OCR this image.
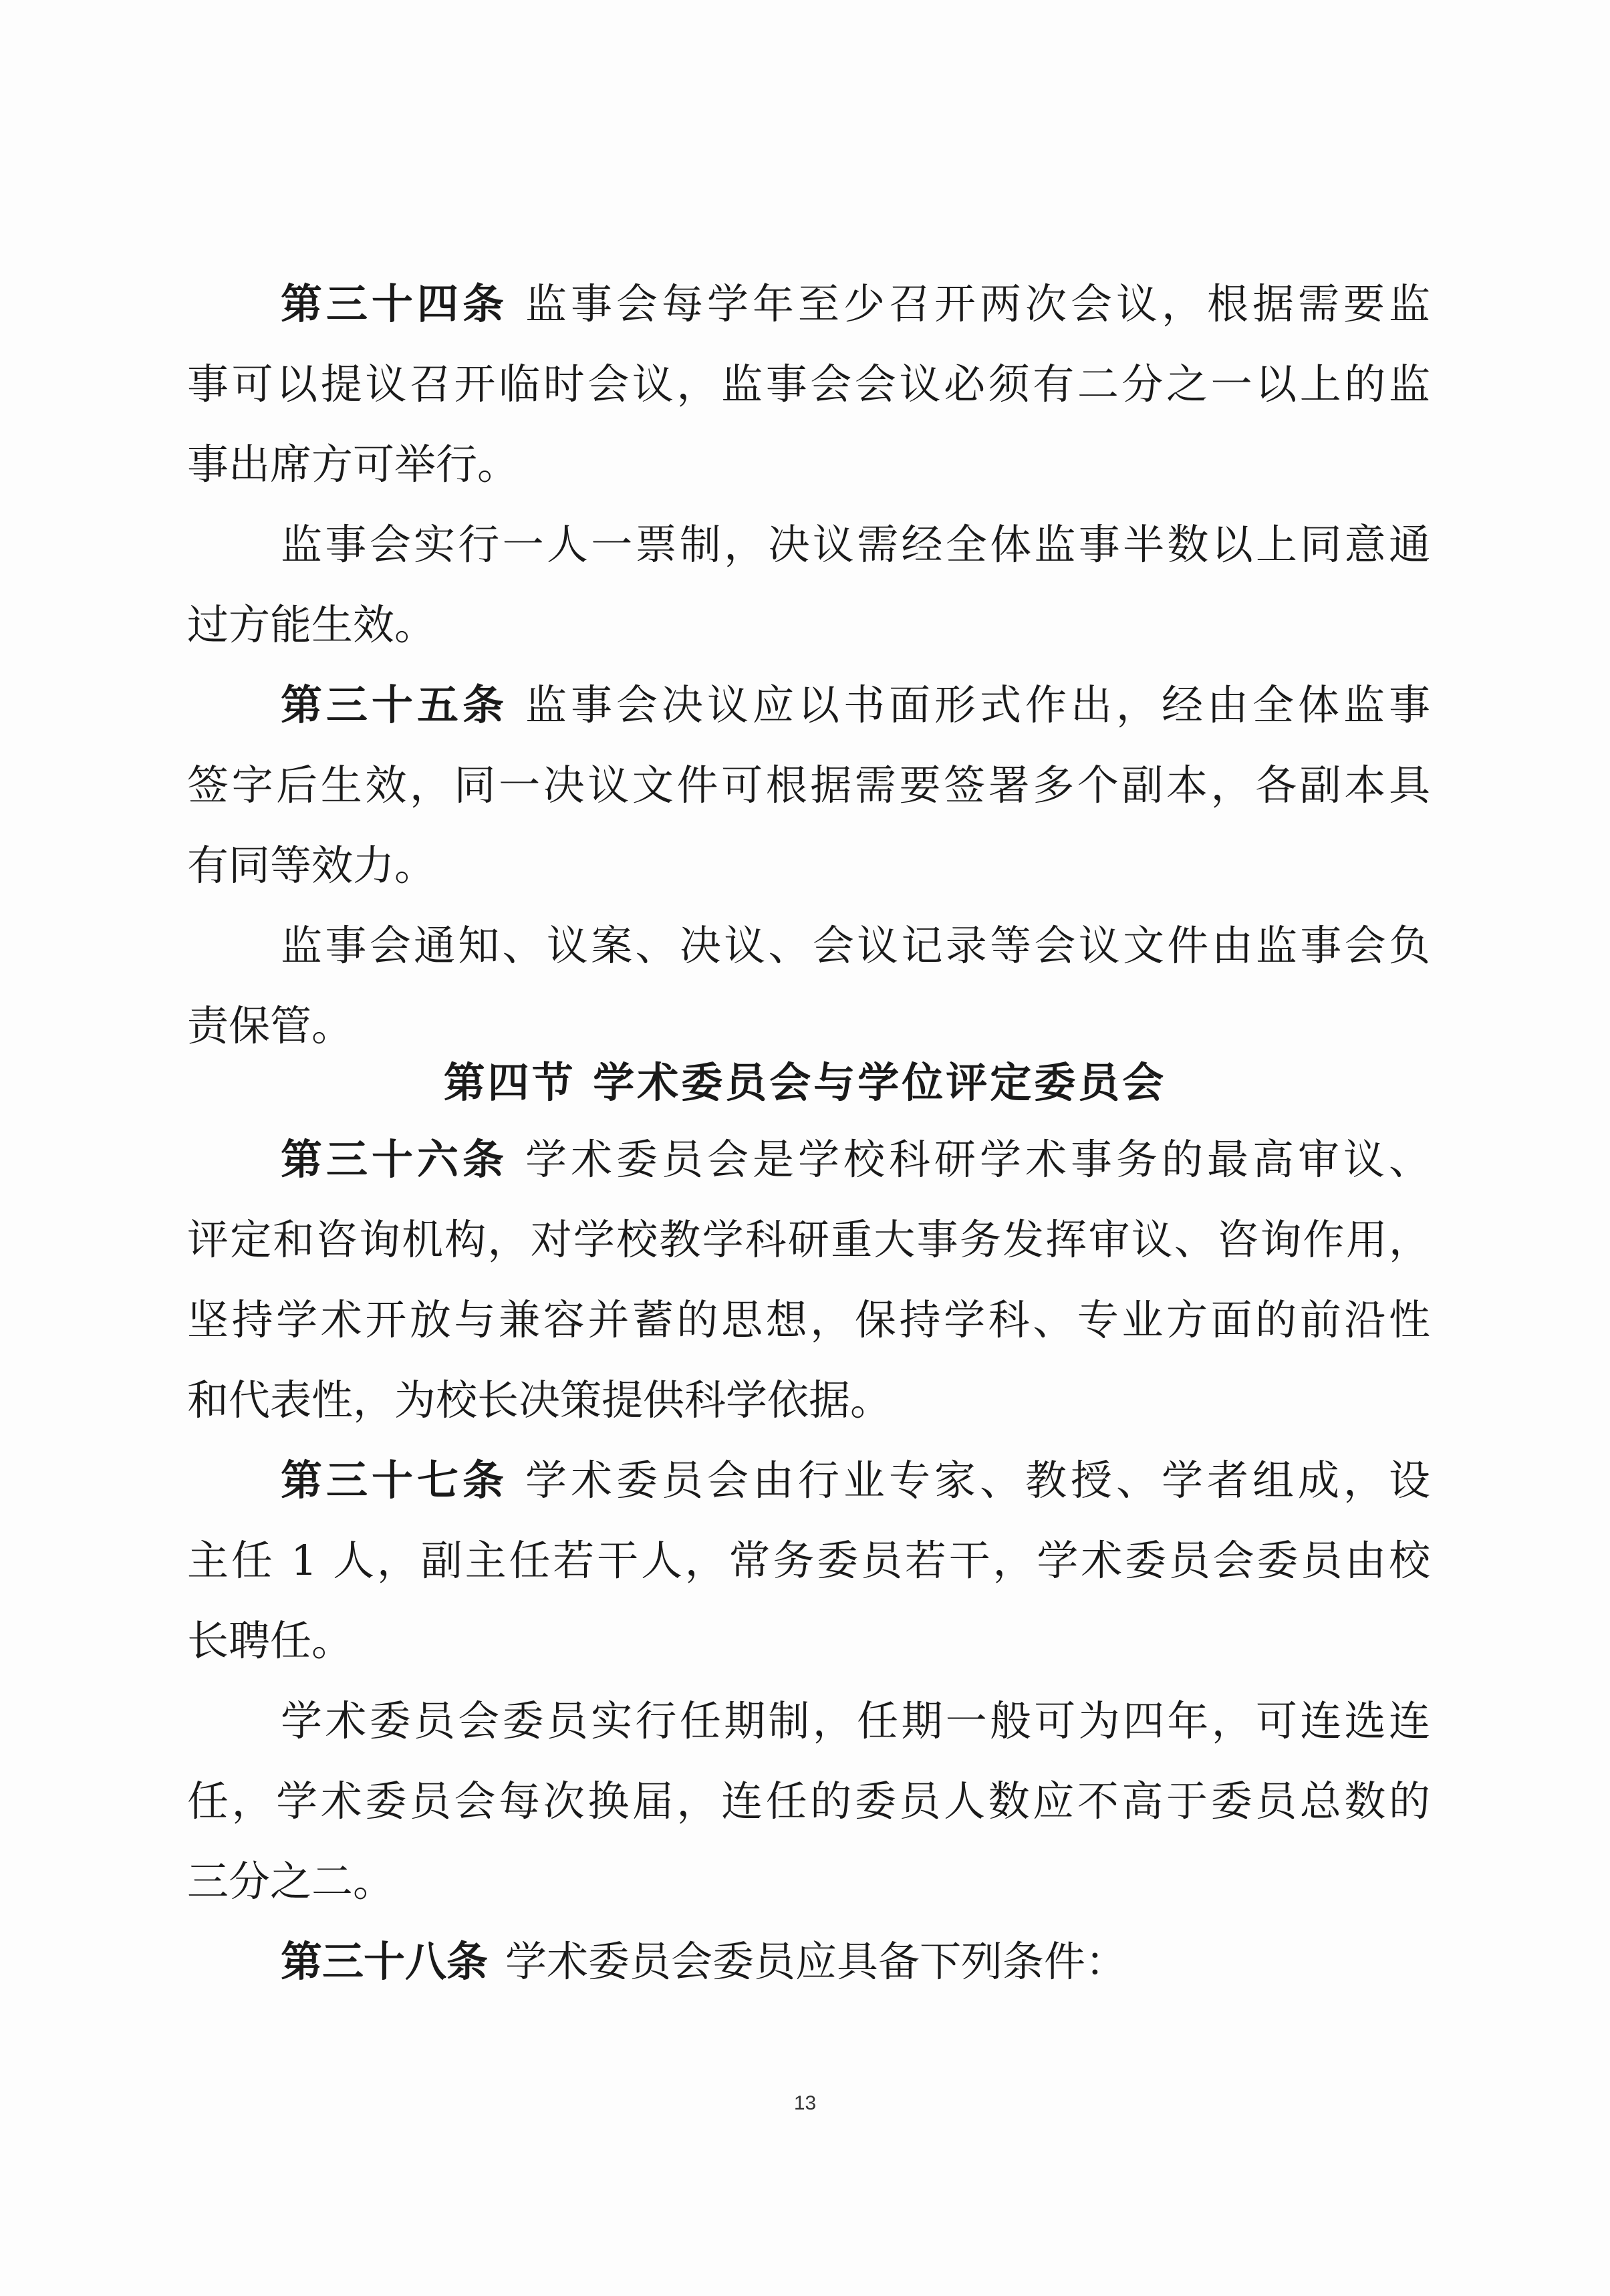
第三十四条 监事会每学年至少召开两次会议，根据需要监
事可以提议召开临时会议，监事会会议必须有二分之一以上的监
事出席方可举行。
监事会实行一人一票制，决议需经全体监事半数以上同意通
过方能生效。
第三十五条 监事会决议应以书面形式作出，经由全体监事
签字后生效，同一决议文件可根据需要签署多个副本，各副本具
有同等效力。
监事会通知、议案、决议、会议记录等会议文件由监事会负
责保管。
第四节 学术委员会与学位评定委员会
第三十六条 学术委员会是学校科研学术事务的最高审议、
评定和咨询机构，对学校教学科研重大事务发挥审议、咨询作用，
坚持学术开放与兼容并蓄的思想，保持学科、专业方面的前沿性
和代表性，为校长决策提供科学依据。
第三十七条 学术委员会由行业专家、教授、学者组成，设
主任 1 人，副主任若干人，常务委员若干，学术委员会委员由校
长聘任。
学术委员会委员实行任期制，任期一般可为四年，可连选连
任，学术委员会每次换届，连任的委员人数应不高于委员总数的
三分之二。
第三十八条 学术委员会委员应具备下列条件：
13
